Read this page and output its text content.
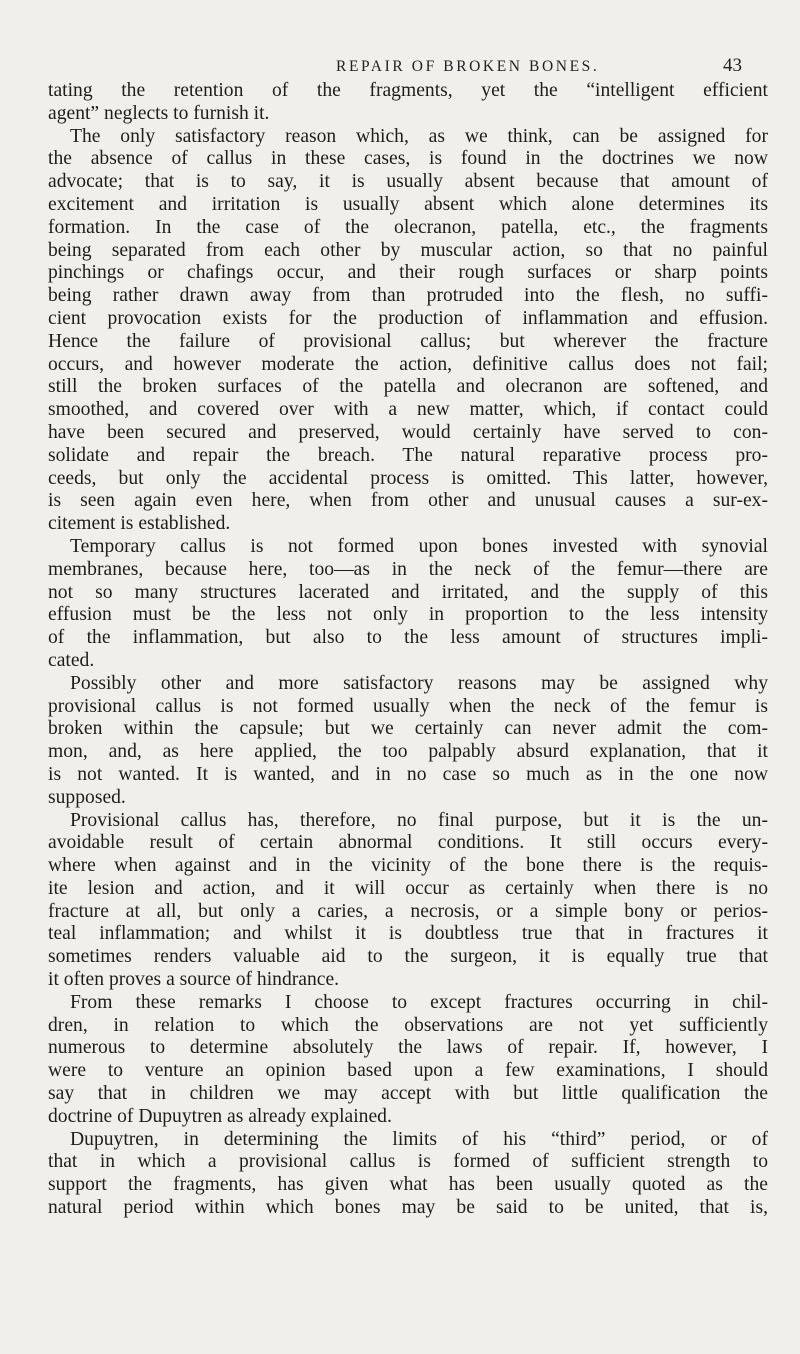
REPAIR OF BROKEN BONES.	43
tating the retention of the fragments, yet the “intelligent efficient
agent” neglects to furnish it.
The only satisfactory reason which, as we think, can be assigned for
the absence of callus in these cases, is found in the doctrines we now
advocate; that is to say, it is usually absent because that amount of
excitement and irritation is usually absent which alone determines its
formation. In the case of the olecranon, patella, etc., the fragments
being separated from each other by muscular action, so that no painful
pinchings or chafings occur, and their rough surfaces or sharp points
being rather drawn away from than protruded into the flesh, no suffi-
cient provocation exists for the production of inflammation and effusion.
Hence the failure of provisional callus; but wherever the fracture
occurs, and however moderate the action, definitive callus does not fail;
still the broken surfaces of the patella and olecranon are softened, and
smoothed, and covered over with a new matter, which, if contact could
have been secured and preserved, would certainly have served to con-
solidate and repair the breach. The natural reparative process pro-
ceeds, but only the accidental process is omitted. This latter, however,
is seen again even here, when from other and unusual causes a sur-ex-
citement is established.
Temporary callus is not formed upon bones invested with synovial
membranes, because here, too—as in the neck of the femur—there are
not so many structures lacerated and irritated, and the supply of this
effusion must be the less not only in proportion to the less intensity
of the inflammation, but also to the less amount of structures impli-
cated.
Possibly other and more satisfactory reasons may be assigned why
provisional callus is not formed usually when the neck of the femur is
broken within the capsule; but we certainly can never admit the com-
mon, and, as here applied, the too palpably absurd explanation, that it
is not wanted. It is wanted, and in no case so much as in the one now
supposed.
Provisional callus has, therefore, no final purpose, but it is the un-
avoidable result of certain abnormal conditions. It still occurs every-
where when against and in the vicinity of the bone there is the requis-
ite lesion and action, and it will occur as certainly when there is no
fracture at all, but only a caries, a necrosis, or a simple bony or perios-
teal inflammation; and whilst it is doubtless true that in fractures it
sometimes renders valuable aid to the surgeon, it is equally true that
it often proves a source of hindrance.
From these remarks I choose to except fractures occurring in chil-
dren, in relation to which the observations are not yet sufficiently
numerous to determine absolutely the laws of repair. If, however, I
were to venture an opinion based upon a few examinations, I should
say that in children we may accept with but little qualification the
doctrine of Dupuytren as already explained.
Dupuytren, in determining the limits of his “third” period, or of
that in which a provisional callus is formed of sufficient strength to
support the fragments, has given what has been usually quoted as the
natural period within which bones may be said to be united, that is,
